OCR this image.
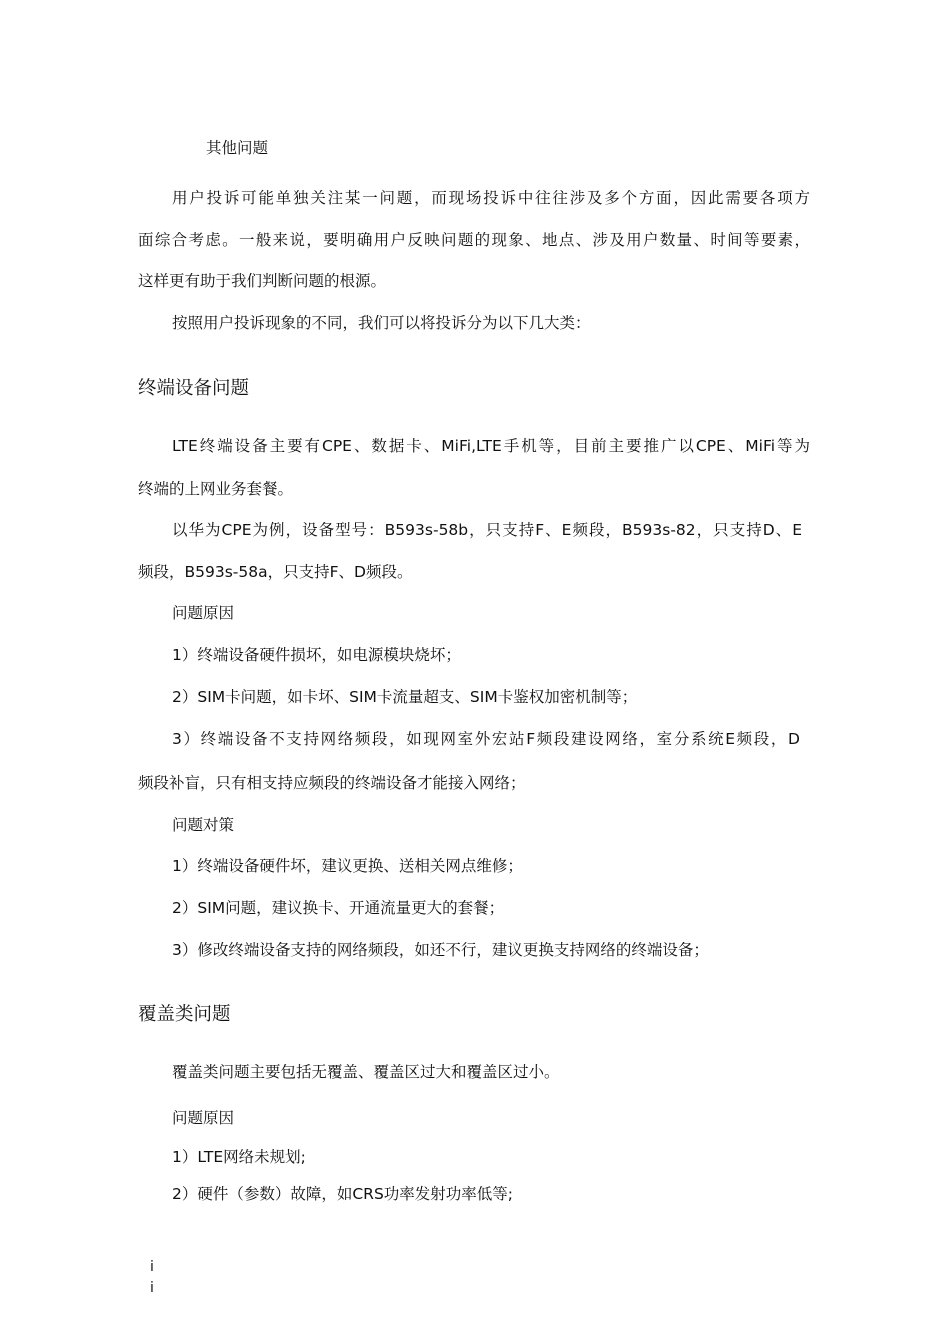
其他问题
用户投诉可能单独关注某一问题，而现场投诉中往往涉及多个方面，因此需要各项方
面综合考虑。一般来说，要明确用户反映问题的现象、地点、涉及用户数量、时间等要素，
这样更有助于我们判断问题的根源。
按照用户投诉现象的不同，我们可以将投诉分为以下几大类：
终端设备问题
LTE终端设备主要有CPE、数据卡、MiFi,LTE手机等，目前主要推广以CPE、MiFi等为
终端的上网业务套餐。
以华为CPE为例，设备型号：B593s-58b，只支持F、E频段，B593s-82，只支持D、E
频段，B593s-58a，只支持F、D频段。
问题原因
1）终端设备硬件损坏，如电源模块烧坏；
2）SIM卡问题，如卡坏、SIM卡流量超支、SIM卡鉴权加密机制等；
3）终端设备不支持网络频段，如现网室外宏站F频段建设网络，室分系统E频段，D
频段补盲，只有相支持应频段的终端设备才能接入网络；
问题对策
1）终端设备硬件坏，建议更换、送相关网点维修；
2）SIM问题，建议换卡、开通流量更大的套餐；
3）修改终端设备支持的网络频段，如还不行，建议更换支持网络的终端设备；
覆盖类问题
覆盖类问题主要包括无覆盖、覆盖区过大和覆盖区过小。
问题原因
1）LTE网络未规划;
2）硬件（参数）故障，如CRS功率发射功率低等;
i
i
